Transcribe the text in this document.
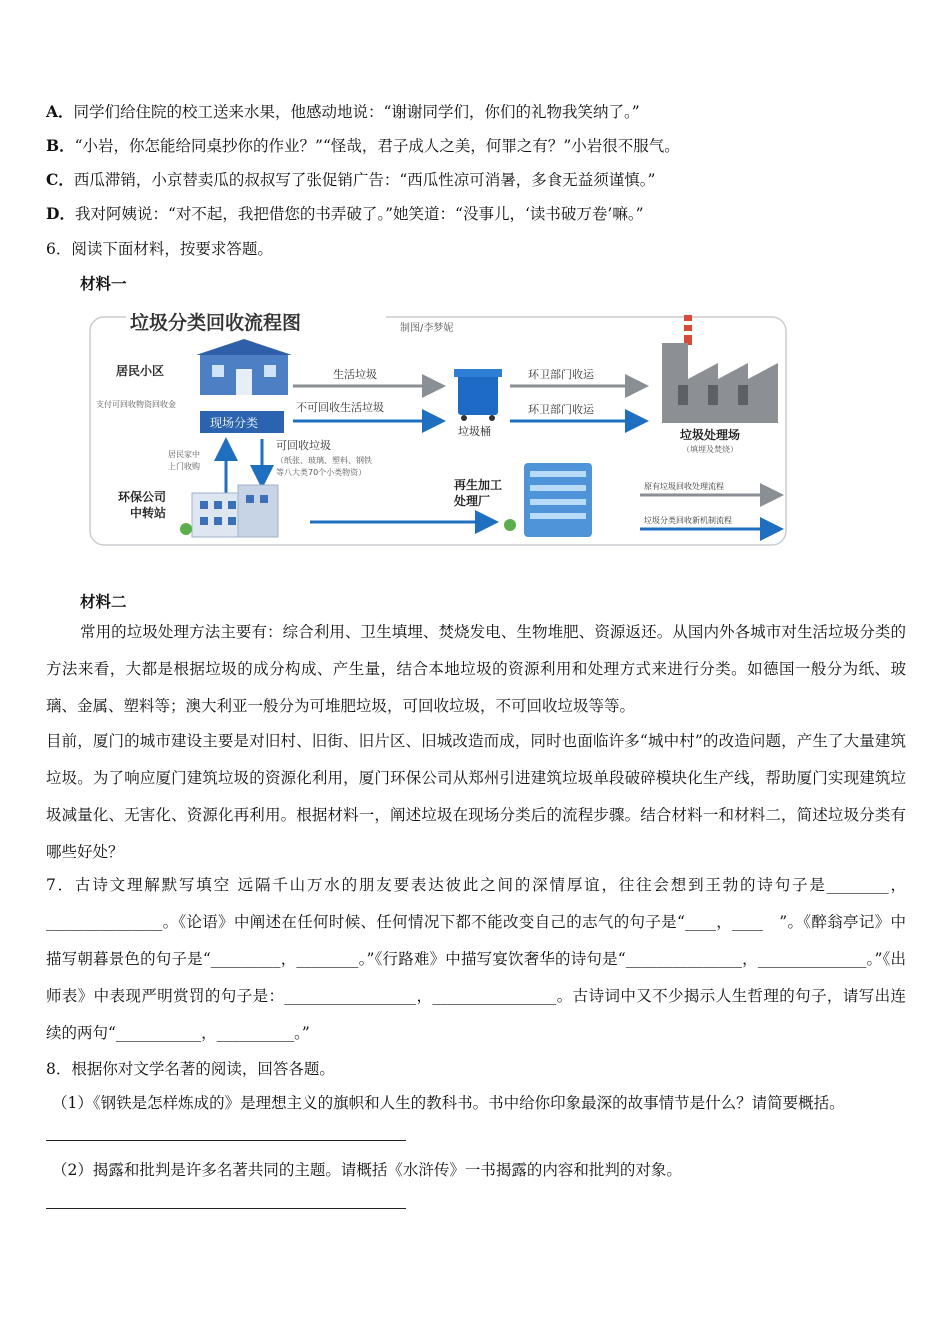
A．同学们给住院的校工送来水果，他感动地说：“谢谢同学们，你们的礼物我笑纳了。”
B．“小岩，你怎能给同桌抄你的作业？”“怪哉，君子成人之美，何罪之有？”小岩很不服气。
C．西瓜滞销，小京替卖瓜的叔叔写了张促销广告：“西瓜性凉可消暑，多食无益须谨慎。”
D．我对阿姨说：“对不起，我把借您的书弄破了。”她笑道：“没事儿，‘读书破万卷’嘛。”
6．阅读下面材料，按要求答题。
材料一
垃圾分类回收流程图	制图/李梦妮
居民小区
支付可回收物资回收金
现场分类
生活垃圾
不可回收生活垃圾
垃圾桶
环卫部门收运
环卫部门收运
垃圾处理场
（填埋及焚烧）
居民家中
上门收购
可回收垃圾
（纸张、玻璃、塑料、钢铁
等八大类70个小类物资）
环保公司
中转站
再生加工
处理厂
原有垃圾回收处理流程
垃圾分类回收新机制流程
材料二
常用的垃圾处理方法主要有：综合利用、卫生填埋、焚烧发电、生物堆肥、资源返还。从国内外各城市对生活垃圾分类的方法来看，大都是根据垃圾的成分构成、产生量，结合本地垃圾的资源利用和处理方式来进行分类。如德国一般分为纸、玻璃、金属、塑料等；澳大利亚一般分为可堆肥垃圾，可回收垃圾，不可回收垃圾等等。
目前，厦门的城市建设主要是对旧村、旧街、旧片区、旧城改造而成，同时也面临许多“城中村”的改造问题，产生了大量建筑垃圾。为了响应厦门建筑垃圾的资源化利用，厦门环保公司从郑州引进建筑垃圾单段破碎模块化生产线，帮助厦门实现建筑垃圾减量化、无害化、资源化再利用。根据材料一，阐述垃圾在现场分类后的流程步骤。结合材料一和材料二，简述垃圾分类有哪些好处？
7．古诗文理解默写填空 远隔千山万水的朋友要表达彼此之间的深情厚谊，往往会想到王勃的诗句子是________，_______________。《论语》中阐述在任何时候、任何情况下都不能改变自己的志气的句子是“____，____　”。《醉翁亭记》中描写朝暮景色的句子是“_________，________。”《行路难》中描写宴饮奢华的诗句是“_______________，______________。”《出师表》中表现严明赏罚的句子是：_________________，________________。古诗词中又不少揭示人生哲理的句子，请写出连续的两句“___________，__________。”
8．根据你对文学名著的阅读，回答各题。
（1）《钢铁是怎样炼成的》是理想主义的旗帜和人生的教科书。书中给你印象最深的故事情节是什么？请简要概括。
（2）揭露和批判是许多名著共同的主题。请概括《水浒传》一书揭露的内容和批判的对象。
